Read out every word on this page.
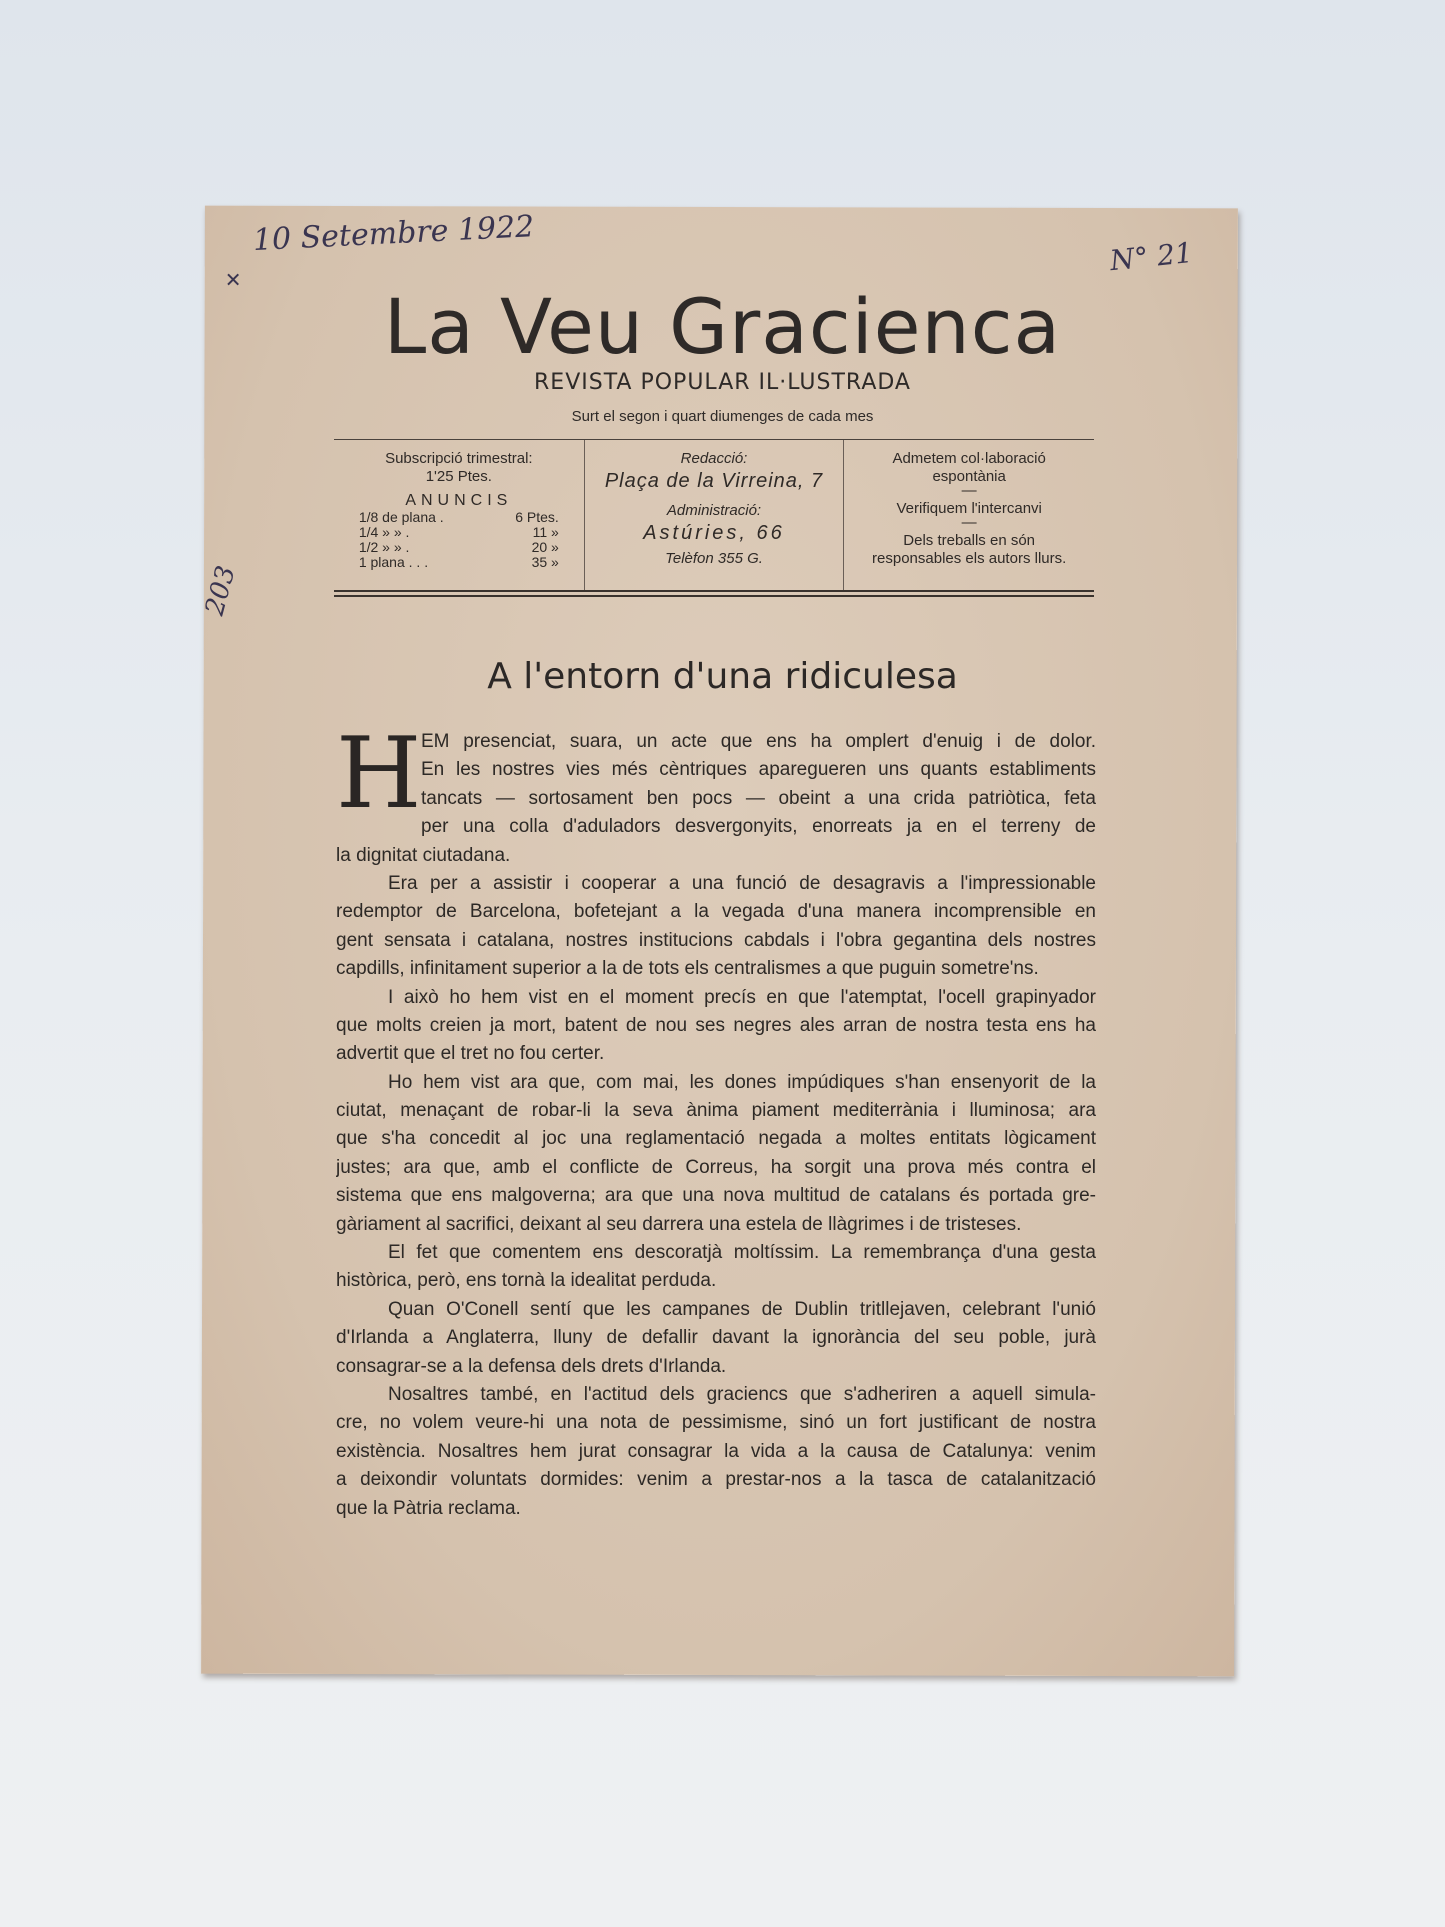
10 Setembre 1922	N° 21
203
✕
La Veu Gracienca
REVISTA POPULAR IL·LUSTRADA
Surt el segon i quart diumenges de cada mes
Subscripció trimestral:
1'25 Ptes.
ANUNCIS
1/8 de plana .	6 Ptes.
1/4 » » .	11 »
1/2 » » .	20 »
1 plana . . .	35 »
Redacció:
Plaça de la Virreina, 7
Administració:
Astúries, 66
Telèfon 355 G.
Admetem col·laboració espontània
—
Verifiquem l'intercanvi
—
Dels treballs en són responsables els autors llurs.
A l'entorn d'una ridiculesa
H EM presenciat, suara, un acte que ens ha omplert d'enuig i de dolor.
En les nostres vies més cèntriques aparegueren uns quants establiments
tancats — sortosament ben pocs — obeint a una crida patriòtica, feta
per una colla d'aduladors desvergonyits, enorreats ja en el terreny de
la dignitat ciutadana.
Era per a assistir i cooperar a una funció de desagravis a l'impressionable
redemptor de Barcelona, bofetejant a la vegada d'una manera incomprensible en
gent sensata i catalana, nostres institucions cabdals i l'obra gegantina dels nostres
capdills, infinitament superior a la de tots els centralismes a que puguin sometre'ns.
I això ho hem vist en el moment precís en que l'atemptat, l'ocell grapinyador
que molts creien ja mort, batent de nou ses negres ales arran de nostra testa ens ha
advertit que el tret no fou certer.
Ho hem vist ara que, com mai, les dones impúdiques s'han ensenyorit de la
ciutat, menaçant de robar-li la seva ànima piament mediterrània i lluminosa; ara
que s'ha concedit al joc una reglamentació negada a moltes entitats lògicament
justes; ara que, amb el conflicte de Correus, ha sorgit una prova més contra el
sistema que ens malgoverna; ara que una nova multitud de catalans és portada gre-
gàriament al sacrifici, deixant al seu darrera una estela de llàgrimes i de tristeses.
El fet que comentem ens descoratjà moltíssim. La remembrança d'una gesta
històrica, però, ens tornà la idealitat perduda.
Quan O'Conell sentí que les campanes de Dublin tritllejaven, celebrant l'unió
d'Irlanda a Anglaterra, lluny de defallir davant la ignorància del seu poble, jurà
consagrar-se a la defensa dels drets d'Irlanda.
Nosaltres també, en l'actitud dels graciencs que s'adheriren a aquell simula-
cre, no volem veure-hi una nota de pessimisme, sinó un fort justificant de nostra
existència. Nosaltres hem jurat consagrar la vida a la causa de Catalunya: venim
a deixondir voluntats dormides: venim a prestar-nos a la tasca de catalanització
que la Pàtria reclama.
